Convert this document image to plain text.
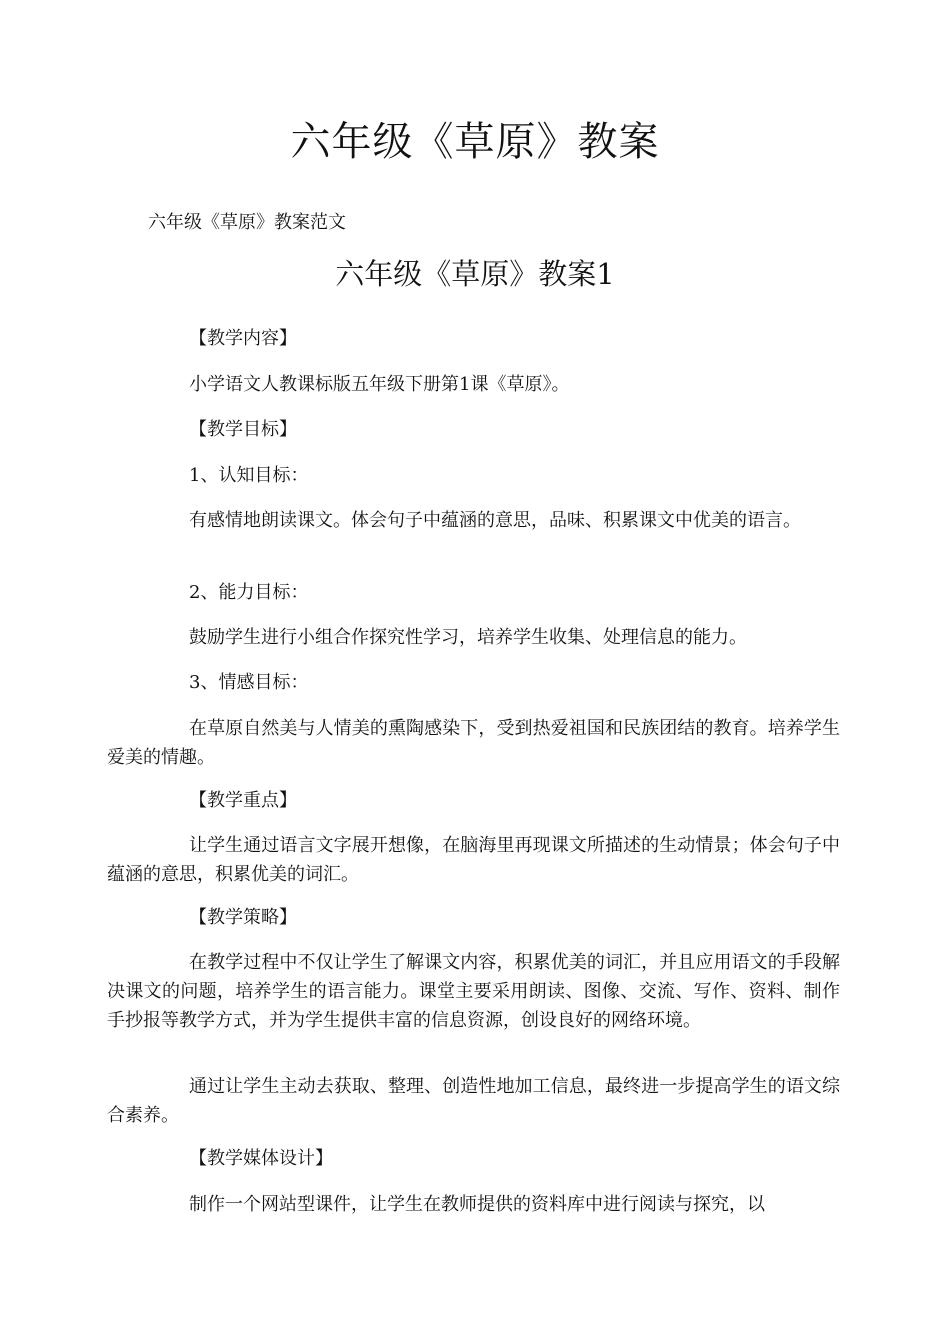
六年级《草原》教案

六年级《草原》教案范文

六年级《草原》教案1

【教学内容】

小学语文人教课标版五年级下册第1课《草原》。

【教学目标】

1、认知目标：

有感情地朗读课文。体会句子中蕴涵的意思，品味、积累课文中优美的语言。

2、能力目标：

鼓励学生进行小组合作探究性学习，培养学生收集、处理信息的能力。

3、情感目标：

在草原自然美与人情美的熏陶感染下，受到热爱祖国和民族团结的教育。培养学生爱美的情趣。

【教学重点】

让学生通过语言文字展开想像，在脑海里再现课文所描述的生动情景；体会句子中蕴涵的意思，积累优美的词汇。

【教学策略】

在教学过程中不仅让学生了解课文内容，积累优美的词汇，并且应用语文的手段解决课文的问题，培养学生的语言能力。课堂主要采用朗读、图像、交流、写作、资料、制作手抄报等教学方式，并为学生提供丰富的信息资源，创设良好的网络环境。

通过让学生主动去获取、整理、创造性地加工信息，最终进一步提高学生的语文综合素养。

【教学媒体设计】

制作一个网站型课件，让学生在教师提供的资料库中进行阅读与探究，以
